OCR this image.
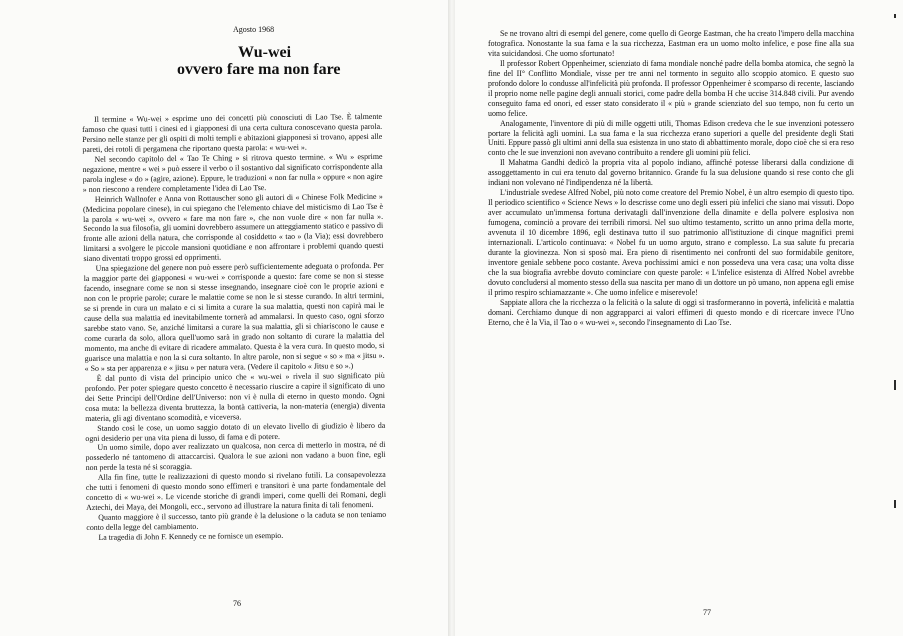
Agosto 1968
Wu-wei
ovvero fare ma non fare

Il termine « Wu-wei » esprime uno dei concetti più conosciuti di Lao Tse. È talmente famoso che quasi tutti i cinesi ed i giapponesi di una certa cultura conoscevano questa parola. Persino nelle stanze per gli ospiti di molti templi e abitazioni giapponesi si trovano, appesi alle pareti, dei rotoli di pergamena che riportano questa parola: « wu-wei ».

Nel secondo capitolo del « Tao Te Ching » si ritrova questo termine. « Wu » esprime negazione, mentre « wei » può essere il verbo o il sostantivo dal significato corrispondente alla parola inglese « do » (agire, azione). Eppure, le traduzioni « non far nulla » oppure « non agire » non riescono a rendere completamente l'idea di Lao Tse.

Heinrich Wallnofer e Anna von Rottauscher sono gli autori di « Chinese Folk Medicine » (Medicina popolare cinese), in cui spiegano che l'elemento chiave del misticismo di Lao Tse è la parola « wu-wei », ovvero « fare ma non fare », che non vuole dire « non far nulla ». Secondo la sua filosofia, gli uomini dovrebbero assumere un atteggiamento statico e passivo di fronte alle azioni della natura, che corrisponde al cosiddetto « tao » (la Via); essi dovrebbero limitarsi a svolgere le piccole mansioni quotidiane e non affrontare i problemi quando questi siano diventati troppo grossi ed opprimenti.

Una spiegazione del genere non può essere però sufficientemente adeguata o profonda. Per la maggior parte dei giapponesi « wu-wei » corrisponde a questo: fare come se non si stesse facendo, insegnare come se non si stesse insegnando, insegnare cioè con le proprie azioni e non con le proprie parole; curare le malattie come se non le si stesse curando. In altri termini, se si prende in cura un malato e ci si limita a curare la sua malattia, questi non capirà mai le cause della sua malattia ed inevitabilmente tornerà ad ammalarsi. In questo caso, ogni sforzo sarebbe stato vano. Se, anziché limitarsi a curare la sua malattia, gli si chiariscono le cause e come curarla da solo, allora quell'uomo sarà in grado non soltanto di curare la malattia del momento, ma anche di evitare di ricadere ammalato. Questa è la vera cura. In questo modo, si guarisce una malattia e non la si cura soltanto. In altre parole, non si segue « so » ma « jitsu ». « So » sta per apparenza e « jitsu » per natura vera. (Vedere il capitolo « Jitsu e so ».)

È dal punto di vista del principio unico che « wu-wei » rivela il suo significato più profondo. Per poter spiegare questo concetto è necessario riuscire a capire il significato di uno dei Sette Principi dell'Ordine dell'Universo: non vi è nulla di eterno in questo mondo. Ogni cosa muta: la bellezza diventa bruttezza, la bontà cattiveria, la non-materia (energia) diventa materia, gli agi diventano scomodità, e viceversa.

Stando così le cose, un uomo saggio dotato di un elevato livello di giudizio è libero da ogni desiderio per una vita piena di lusso, di fama e di potere.

Un uomo simile, dopo aver realizzato un qualcosa, non cerca di metterlo in mostra, né di possederlo né tantomeno di attaccarcisi. Qualora le sue azioni non vadano a buon fine, egli non perde la testa né si scoraggia.

Alla fin fine, tutte le realizzazioni di questo mondo si rivelano futili. La consapevolezza che tutti i fenomeni di questo mondo sono effimeri e transitori è una parte fondamentale del concetto di « wu-wei ». Le vicende storiche di grandi imperi, come quelli dei Romani, degli Aztechi, dei Maya, dei Mongoli, ecc., servono ad illustrare la natura finita di tali fenomeni.

Quanto maggiore è il successo, tanto più grande è la delusione o la caduta se non teniamo conto della legge del cambiamento.

La tragedia di John F. Kennedy ce ne fornisce un esempio.

76

Se ne trovano altri di esempi del genere, come quello di George Eastman, che ha creato l'impero della macchina fotografica. Nonostante la sua fama e la sua ricchezza, Eastman era un uomo molto infelice, e pose fine alla sua vita suicidandosi. Che uomo sfortunato!

Il professor Robert Oppenheimer, scienziato di fama mondiale nonché padre della bomba atomica, che segnò la fine del II° Conflitto Mondiale, visse per tre anni nel tormento in seguito allo scoppio atomico. E questo suo profondo dolore lo condusse all'infelicità più profonda. Il professor Oppenheimer è scomparso di recente, lasciando il proprio nome nelle pagine degli annuali storici, come padre della bomba H che uccise 314.848 civili. Pur avendo conseguito fama ed onori, ed esser stato considerato il « più » grande scienziato del suo tempo, non fu certo un uomo felice.

Analogamente, l'inventore di più di mille oggetti utili, Thomas Edison credeva che le sue invenzioni potessero portare la felicità agli uomini. La sua fama e la sua ricchezza erano superiori a quelle del presidente degli Stati Uniti. Eppure passò gli ultimi anni della sua esistenza in uno stato di abbattimento morale, dopo cioè che si era reso conto che le sue invenzioni non avevano contribuito a rendere gli uomini più felici.

Il Mahatma Gandhi dedicò la propria vita al popolo indiano, affinché potesse liberarsi dalla condizione di assoggettamento in cui era tenuto dal governo britannico. Grande fu la sua delusione quando si rese conto che gli indiani non volevano né l'indipendenza né la libertà.

L'industriale svedese Alfred Nobel, più noto come creatore del Premio Nobel, è un altro esempio di questo tipo. Il periodico scientifico « Science News » lo descrisse come uno degli esseri più infelici che siano mai vissuti. Dopo aver accumulato un'immensa fortuna derivatagli dall'invenzione della dinamite e della polvere esplosiva non fumogena, cominciò a provare dei terribili rimorsi. Nel suo ultimo testamento, scritto un anno prima della morte, avvenuta il 10 dicembre 1896, egli destinava tutto il suo patrimonio all'istituzione di cinque magnifici premi internazionali. L'articolo continuava: « Nobel fu un uomo arguto, strano e complesso. La sua salute fu precaria durante la giovinezza. Non si sposò mai. Era pieno di risentimento nei confronti del suo formidabile genitore, inventore geniale sebbene poco costante. Aveva pochissimi amici e non possedeva una vera casa; una volta disse che la sua biografia avrebbe dovuto cominciare con queste parole: « L'infelice esistenza di Alfred Nobel avrebbe dovuto concludersi al momento stesso della sua nascita per mano di un dottore un pò umano, non appena egli emise il primo respiro schiamazzante ». Che uomo infelice e miserevole!

Sappiate allora che la ricchezza o la felicità o la salute di oggi si trasformeranno in povertà, infelicità e malattia domani. Cerchiamo dunque di non aggrapparci ai valori effimeri di questo mondo e di ricercare invece l'Uno Eterno, che è la Via, il Tao o « wu-wei », secondo l'insegnamento di Lao Tse.

77
